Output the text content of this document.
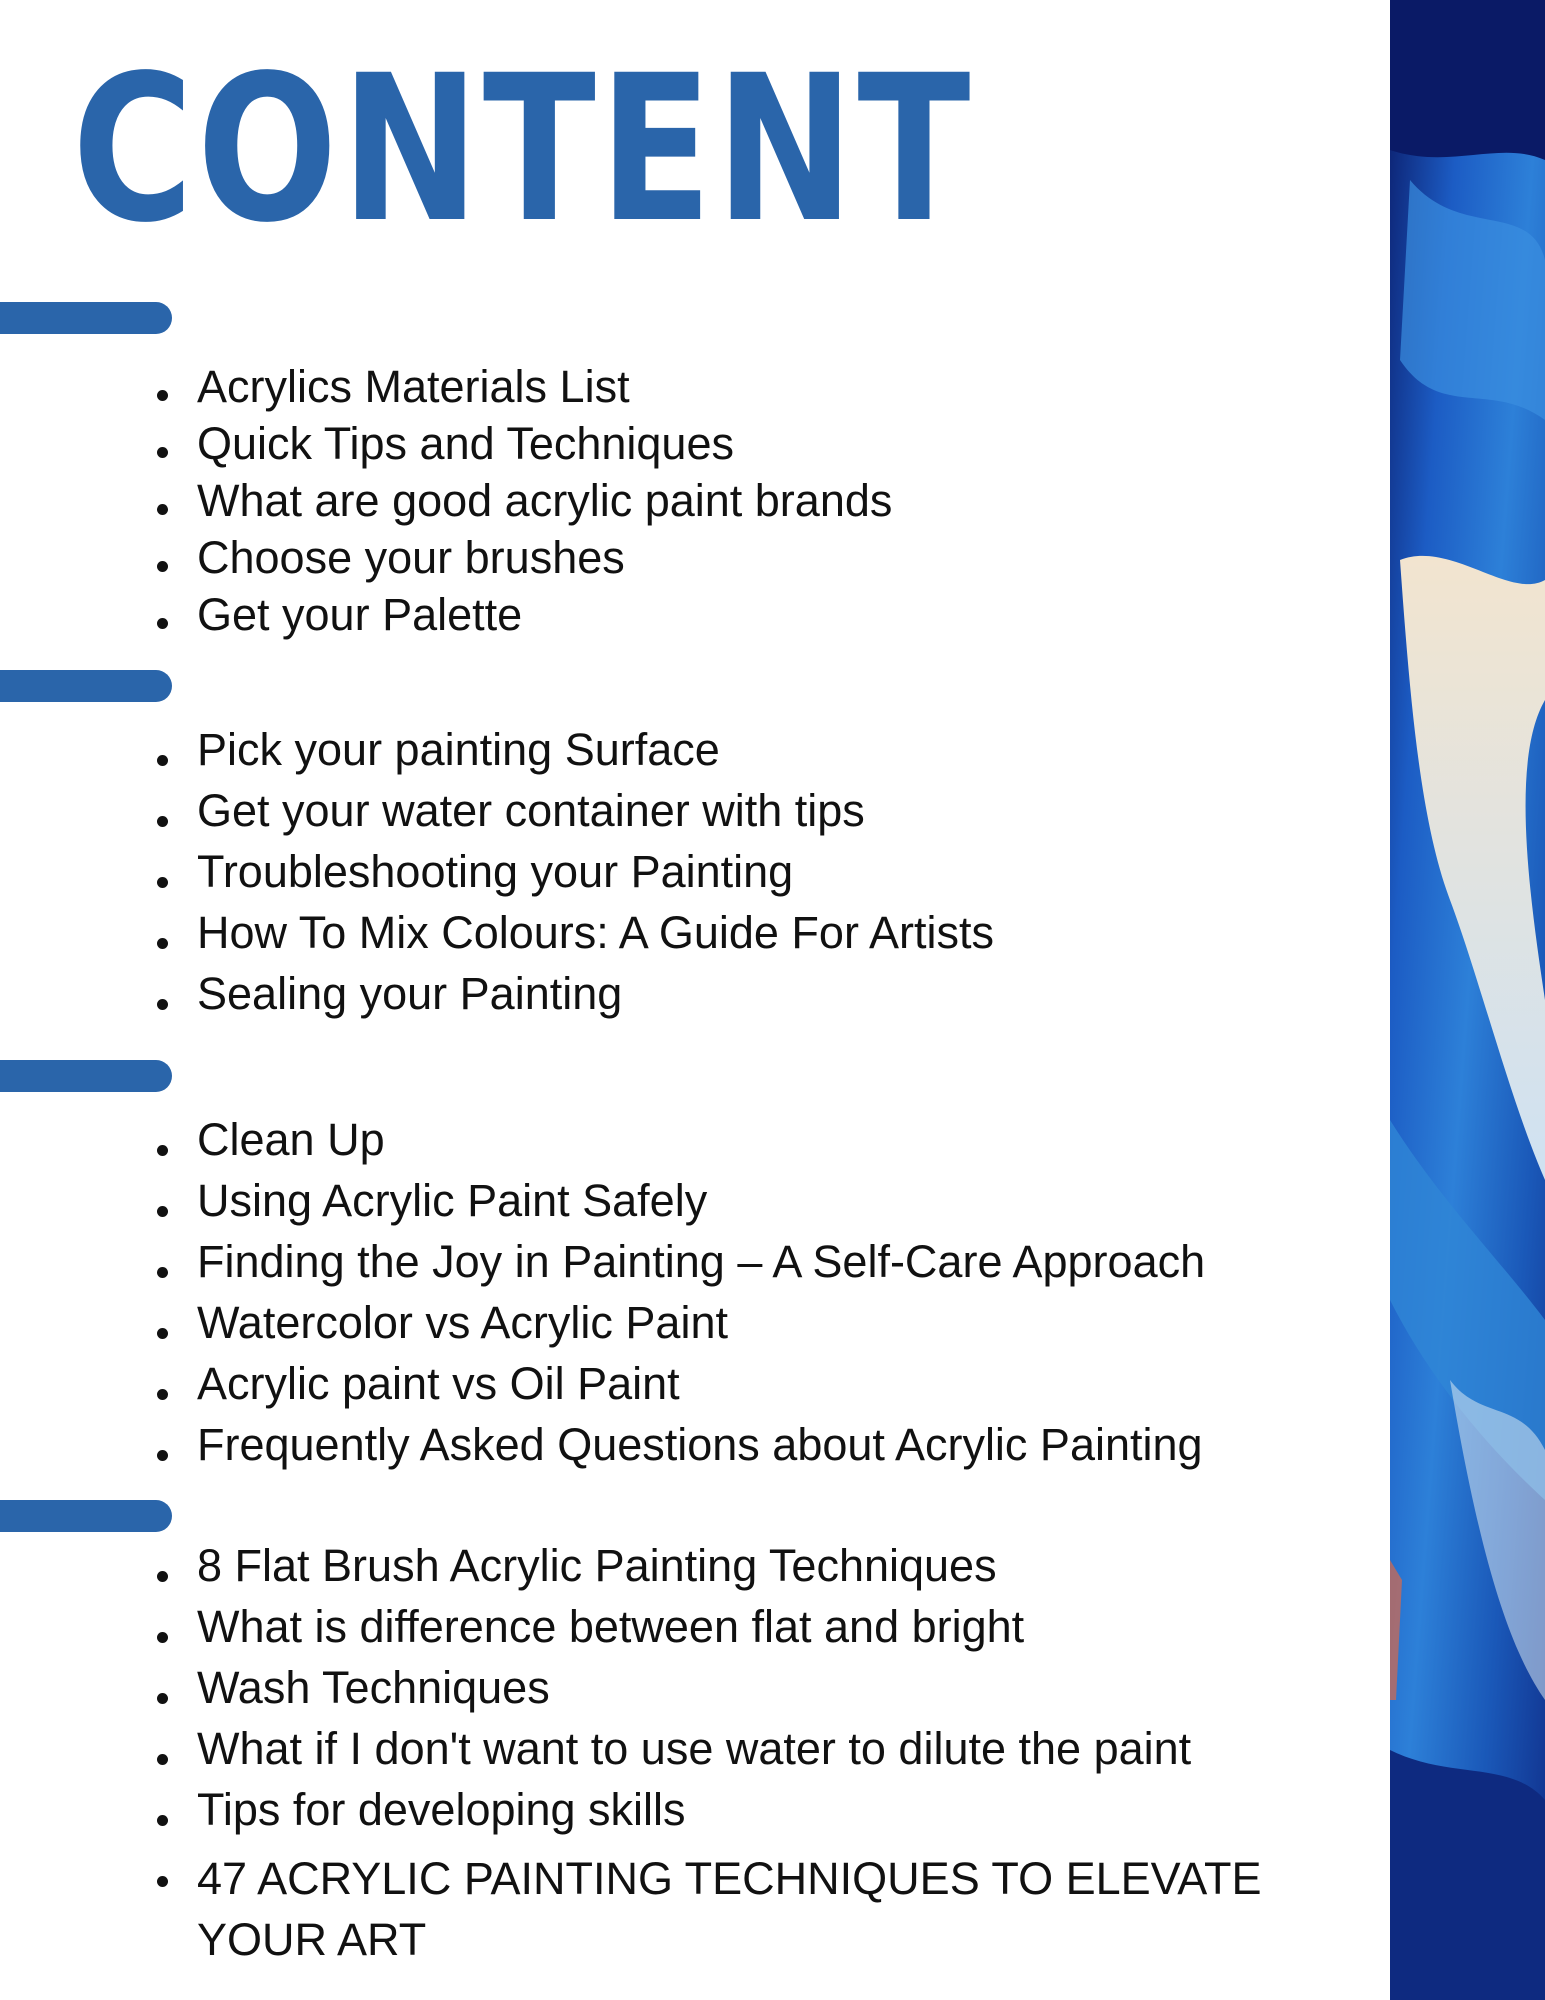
CONTENT
Acrylics Materials List
Quick Tips and Techniques
What are good acrylic paint brands
Choose your brushes
Get your Palette
Pick your painting Surface
Get your water container with tips
Troubleshooting your Painting
How To Mix Colours: A Guide For Artists
Sealing your Painting
Clean Up
Using Acrylic Paint Safely
Finding the Joy in Painting – A Self-Care Approach
Watercolor vs Acrylic Paint
Acrylic paint vs Oil Paint
Frequently Asked Questions about Acrylic Painting
8 Flat Brush Acrylic Painting Techniques
What is difference between flat and bright
Wash Techniques
What if I don't want to use water to dilute the paint
Tips for developing skills
47 ACRYLIC PAINTING TECHNIQUES TO ELEVATE YOUR ART
